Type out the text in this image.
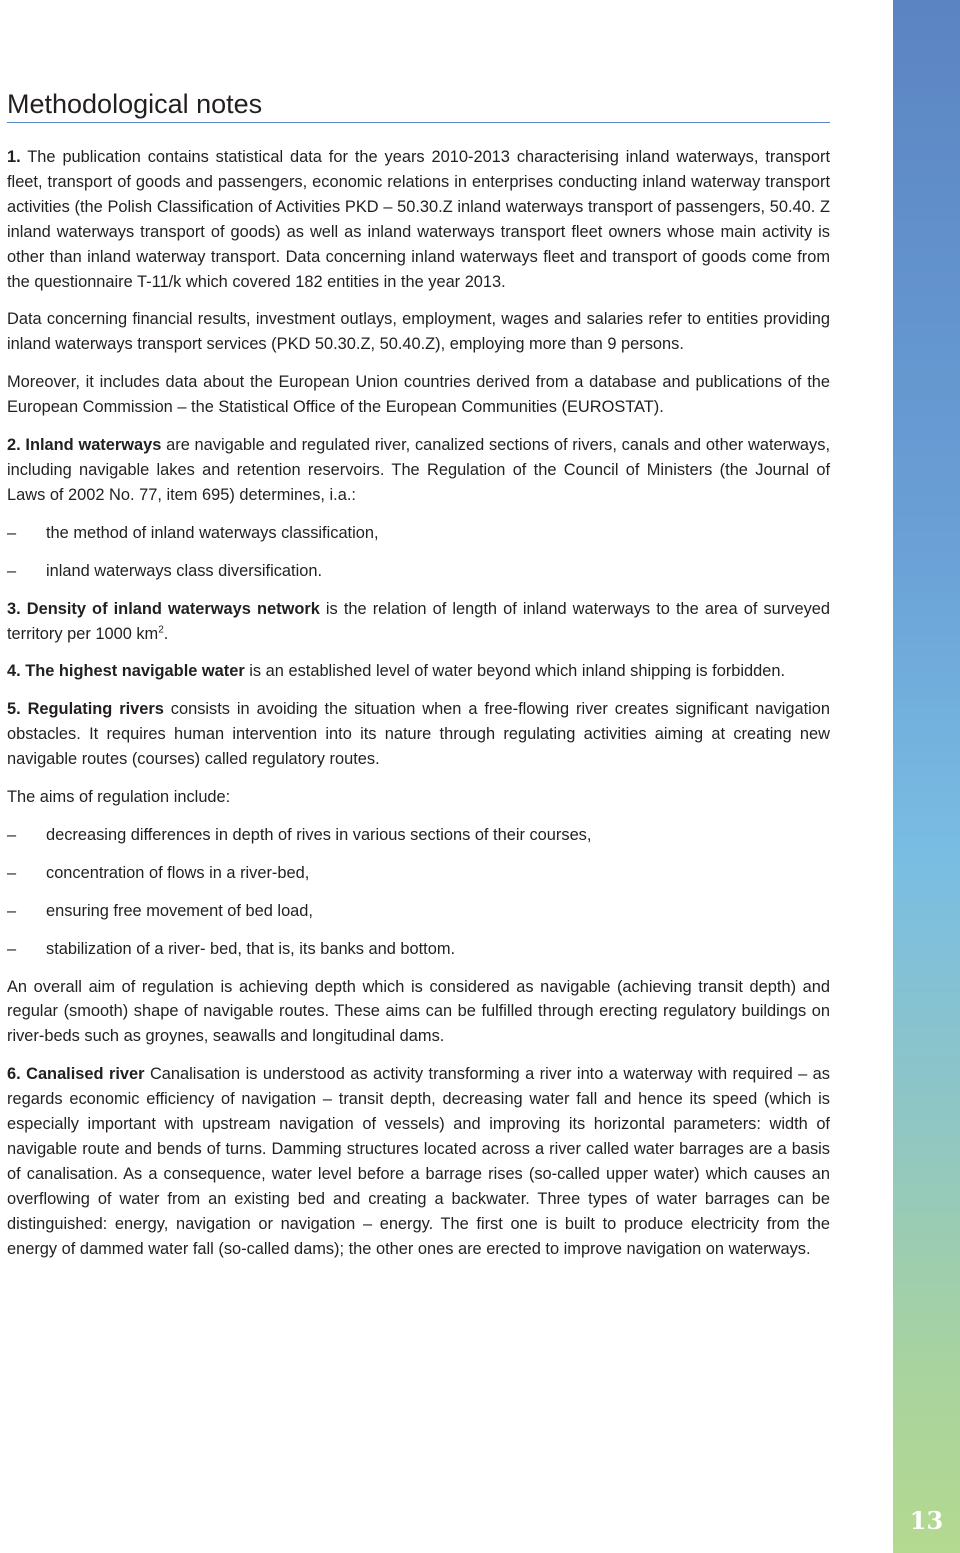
13
Methodological notes

1. The publication contains statistical data for the years 2010-2013 characterising inland waterways, transport fleet, transport of goods and passengers, economic relations in enterprises conducting inland waterway transport activities (the Polish Classification of Activities PKD – 50.30.Z inland waterways transport of passengers, 50.40. Z inland waterways transport of goods) as well as inland waterways transport fleet owners whose main activity is other than inland waterway transport. Data concerning inland waterways fleet and transport of goods come from the questionnaire T-11/k which covered 182 entities in the year 2013.

Data concerning financial results, investment outlays, employment, wages and salaries refer to entities providing inland waterways transport services (PKD 50.30.Z, 50.40.Z), employing more than 9 persons.

Moreover, it includes data about the European Union countries derived from a database and publications of the European Commission – the Statistical Office of the European Communities (EUROSTAT).

2. Inland waterways are navigable and regulated river, canalized sections of rivers, canals and other waterways, including navigable lakes and retention reservoirs. The Regulation of the Council of Ministers (the Journal of Laws of 2002 No. 77, item 695) determines, i.a.:

– the method of inland waterways classification,
– inland waterways class diversification.

3. Density of inland waterways network is the relation of length of inland waterways to the area of surveyed territory per 1000 $km^2$.

4. The highest navigable water is an established level of water beyond which inland shipping is forbidden.

5. Regulating rivers consists in avoiding the situation when a free-flowing river creates significant navigation obstacles. It requires human intervention into its nature through regulating activities aiming at creating new navigable routes (courses) called regulatory routes.

The aims of regulation include:

– decreasing differences in depth of rives in various sections of their courses,
– concentration of flows in a river-bed,
– ensuring free movement of bed load,
– stabilization of a river- bed, that is, its banks and bottom.

An overall aim of regulation is achieving depth which is considered as navigable (achieving transit depth) and regular (smooth) shape of navigable routes. These aims can be fulfilled through erecting regulatory buildings on river-beds such as groynes, seawalls and longitudinal dams.

6. Canalised river Canalisation is understood as activity transforming a river into a waterway with required – as regards economic efficiency of navigation – transit depth, decreasing water fall and hence its speed (which is especially important with upstream navigation of vessels) and improving its horizontal parameters: width of navigable route and bends of turns. Damming structures located across a river called water barrages are a basis of canalisation. As a consequence, water level before a barrage rises (so-called upper water) which causes an overflowing of water from an existing bed and creating a backwater. Three types of water barrages can be distinguished: energy, navigation or navigation – energy. The first one is built to produce electricity from the energy of dammed water fall (so-called dams); the other ones are erected to improve navigation on waterways.
